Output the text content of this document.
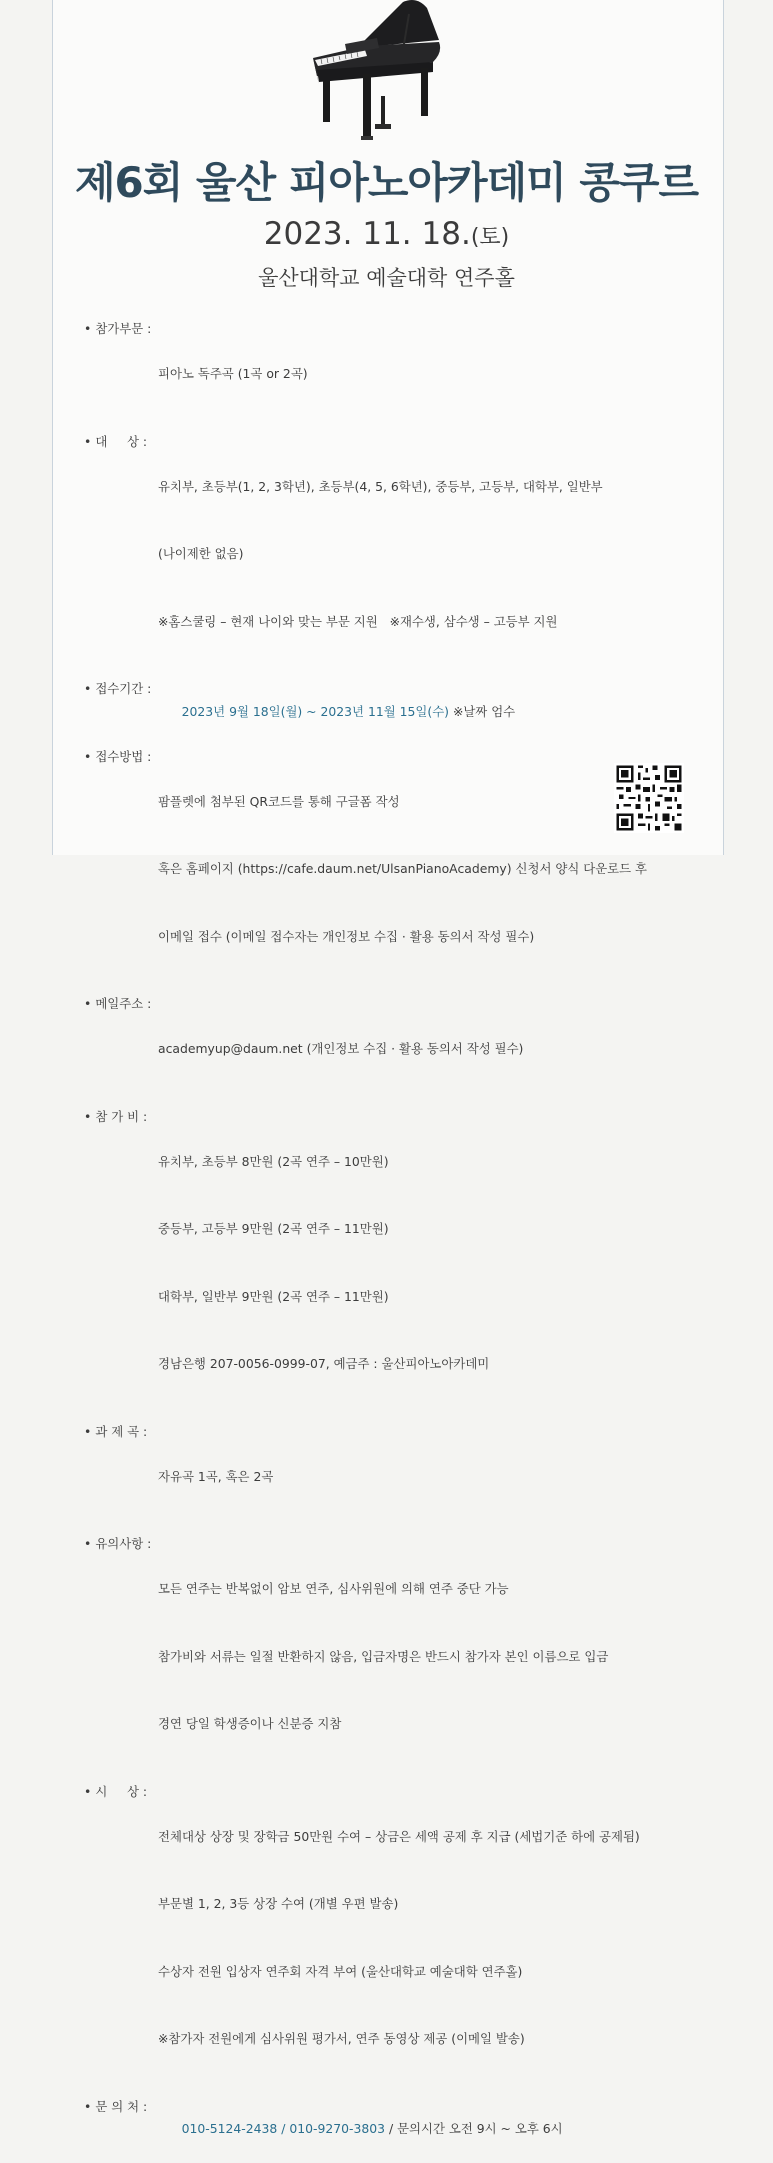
제6회 울산 피아노아카데미 콩쿠르
2023. 11. 18.(토)
울산대학교 예술대학 연주홀
• 참가부문 :

피아노 독주곡 (1곡 or 2곡)

• 대     상 :

유치부, 초등부(1, 2, 3학년), 초등부(4, 5, 6학년), 중등부, 고등부, 대학부, 일반부

(나이제한 없음)

※홈스쿨링 – 현재 나이와 맞는 부문 지원   ※재수생, 삼수생 – 고등부 지원

• 접수기간 :

2023년 9월 18일(월) ~ 2023년 11월 15일(수) ※날짜 엄수

• 접수방법 :

팜플렛에 첨부된 QR코드를 통해 구글폼 작성

혹은 홈페이지 (https://cafe.daum.net/UlsanPianoAcademy) 신청서 양식 다운로드 후

이메일 접수 (이메일 접수자는 개인정보 수집 · 활용 동의서 작성 필수)

• 메일주소 :

academyup@daum.net (개인정보 수집 · 활용 동의서 작성 필수)

• 참 가 비 :

유치부, 초등부 8만원 (2곡 연주 – 10만원)

중등부, 고등부 9만원 (2곡 연주 – 11만원)

대학부, 일반부 9만원 (2곡 연주 – 11만원)

경남은행 207-0056-0999-07, 예금주 : 울산피아노아카데미

• 과 제 곡 :

자유곡 1곡, 혹은 2곡

• 유의사항 :

모든 연주는 반복없이 암보 연주, 심사위원에 의해 연주 중단 가능

참가비와 서류는 일절 반환하지 않음, 입금자명은 반드시 참가자 본인 이름으로 입금

경연 당일 학생증이나 신분증 지참

• 시     상 :

전체대상 상장 및 장학금 50만원 수여 – 상금은 세액 공제 후 지급 (세법기준 하에 공제됨)

부문별 1, 2, 3등 상장 수여 (개별 우편 발송)

수상자 전원 입상자 연주회 자격 부여 (울산대학교 예술대학 연주홀)

※참가자 전원에게 심사위원 평가서, 연주 동영상 제공 (이메일 발송)

• 문 의 처 :

010-5124-2438 / 010-9270-3803 / 문의시간 오전 9시 ~ 오후 6시
